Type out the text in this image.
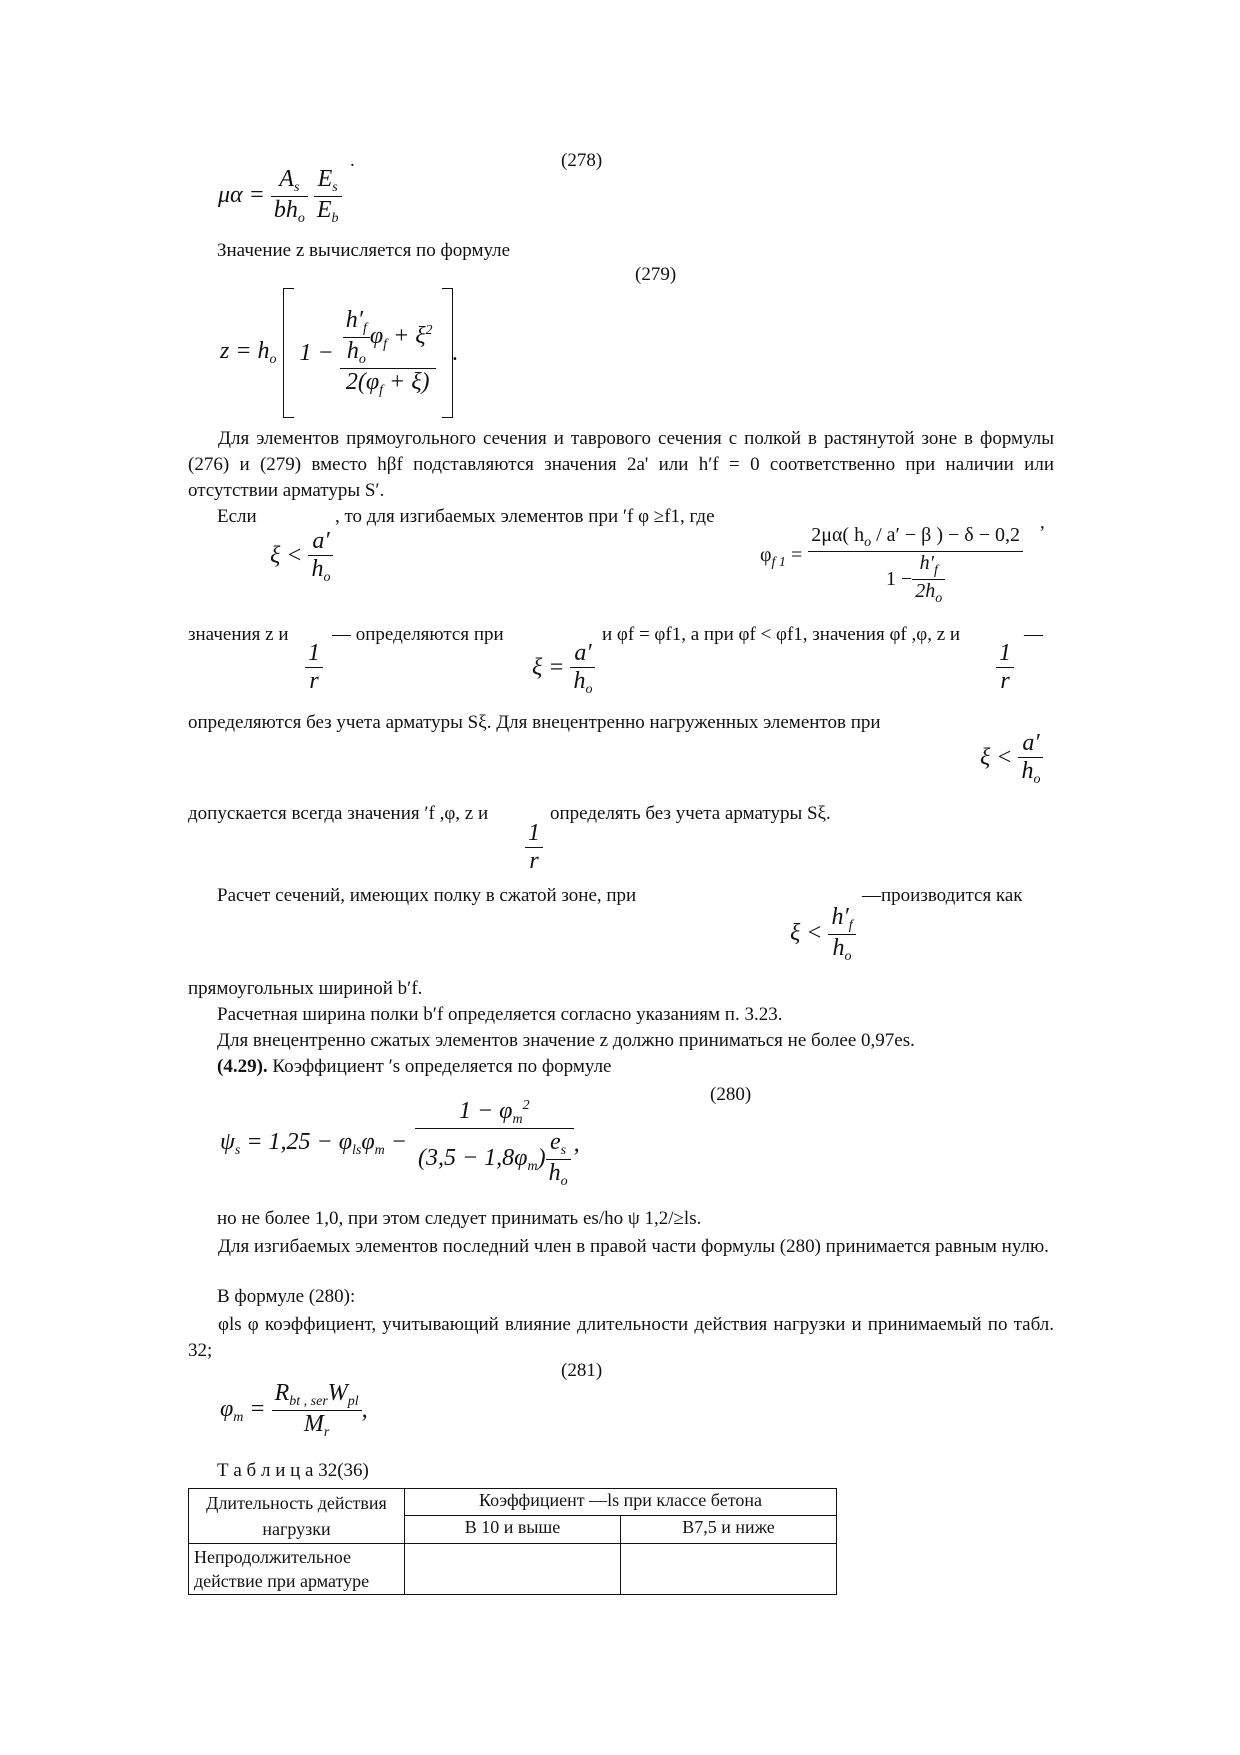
(278)
$\mu\alpha = \frac{A_s}{bh_o}$
$\frac{E_s}{E_b}$
.
Значение z вычисляется по формуле
(279)
$z = h_o$ $1 - \frac{\frac{h'_f}{h_o} \varphi_f + \xi^2}{2(\varphi_f + \xi)}$ .
Для элементов прямоугольного сечения и таврового сечения с полкой в растянутой зоне в формулы (276) и (279) вместо hβf подставляются значения 2a' или h′f = 0 соответственно при наличии или отсутствии арматуры S′.
Если	, то для изгибаемых элементов при ′f φ ≥f1, где
$\xi < \frac{a'}{h_o}$	$\varphi_{f 1} = \frac{2\mu\alpha( h_o / a' - \beta ) - \delta - 0,2}{1 - \frac{h'_f}{2h_o}}$
,
значения z и — определяются при	и φf = φf1, а при φf < φf1, значения φf ,φ, z и	—
$\frac{1}{r}$	$\xi = \frac{a'}{h_o}$	$\frac{1}{r}$
определяются без учета арматуры Sξ. Для внецентренно нагруженных элементов при
$\xi < \frac{a'}{h_o}$
допускается всегда значения ′f ,φ, z и	определять без учета арматуры Sξ.
$\frac{1}{r}$
Расчет сечений, имеющих полку в сжатой зоне, при	—производится как
$\xi < \frac{h'_f}{h_o}$
прямоугольных шириной b′f.
Расчетная ширина полки b′f определяется согласно указаниям п. 3.23.
Для внецентренно сжатых элементов значение z должно приниматься не более 0,97es.
(4.29). Коэффициент ′s определяется по формуле
(280)
$\psi_s = 1,25 - \varphi_{ls}\varphi_m - \frac{1 - \varphi_m^2}{(3,5 - 1,8\varphi_m) \frac{e_s}{h_o}}$ ,
но не более 1,0, при этом следует принимать es/ho ψ 1,2/≥ls.
Для изгибаемых элементов последний член в правой части формулы (280) принимается равным нулю.
В формуле (280):
φls φ коэффициент, учитывающий влияние длительности действия нагрузки и принимаемый по табл. 32;
(281)
$\varphi_m = \frac{R_{bt , ser}W_{pl}}{M_r}$ ,
Т а б л и ц а 32(36)
Длительность действия нагрузки	Коэффициент —ls при классе бетона	
	В 10 и выше	В7,5 и ниже
Непродолжительное действие при арматуре		
